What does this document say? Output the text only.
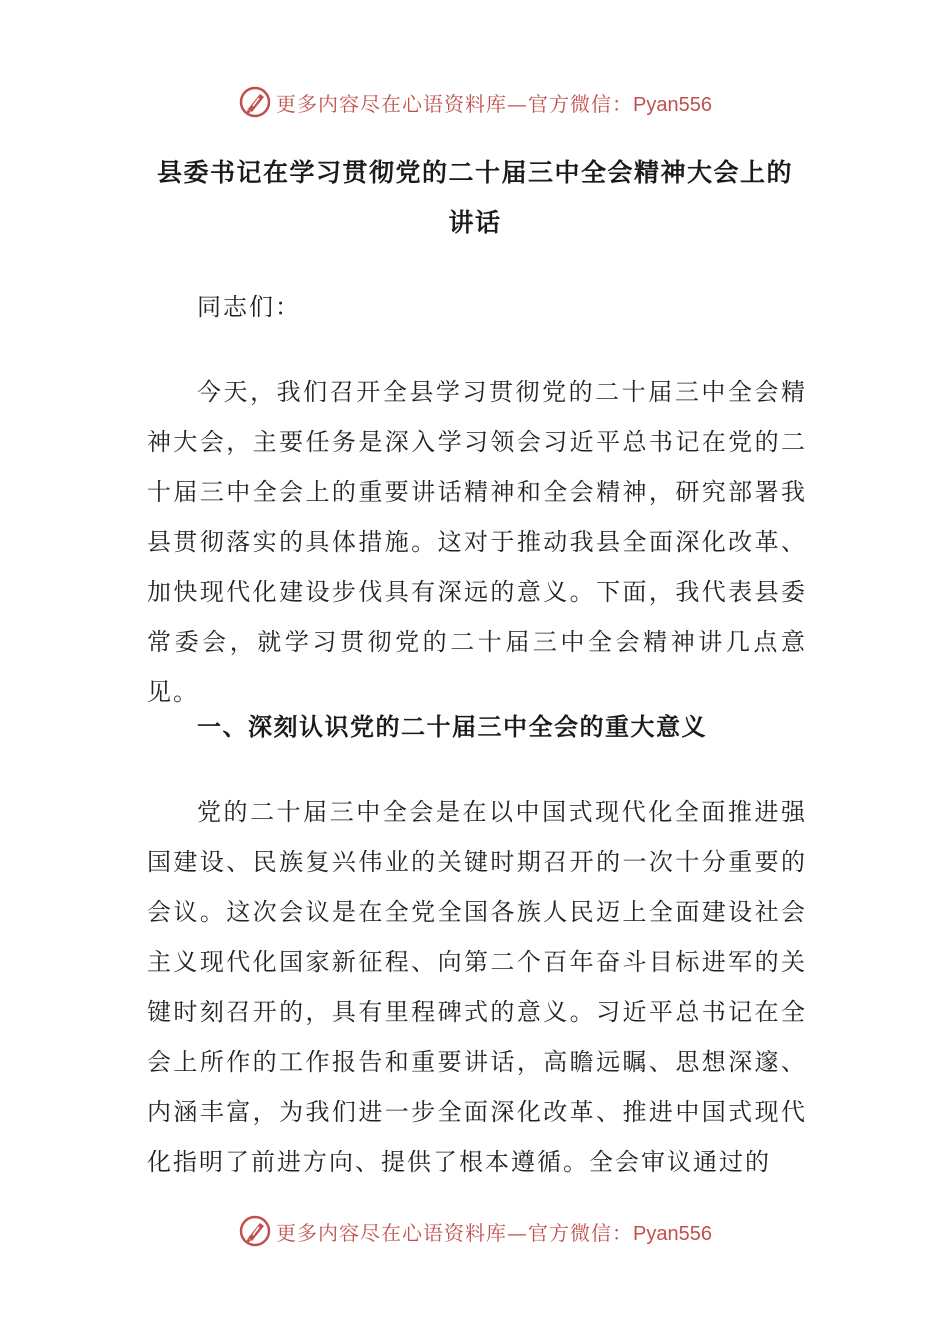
更多内容尽在心语资料库—官方微信：Pyan556
县委书记在学习贯彻党的二十届三中全会精神大会上的讲话
同志们：
今天，我们召开全县学习贯彻党的二十届三中全会精神大会，主要任务是深入学习领会习近平总书记在党的二十届三中全会上的重要讲话精神和全会精神，研究部署我县贯彻落实的具体措施。这对于推动我县全面深化改革、加快现代化建设步伐具有深远的意义。下面，我代表县委常委会，就学习贯彻党的二十届三中全会精神讲几点意见。
一、深刻认识党的二十届三中全会的重大意义
党的二十届三中全会是在以中国式现代化全面推进强国建设、民族复兴伟业的关键时期召开的一次十分重要的会议。这次会议是在全党全国各族人民迈上全面建设社会主义现代化国家新征程、向第二个百年奋斗目标进军的关键时刻召开的，具有里程碑式的意义。习近平总书记在全会上所作的工作报告和重要讲话，高瞻远瞩、思想深邃、内涵丰富，为我们进一步全面深化改革、推进中国式现代化指明了前进方向、提供了根本遵循。全会审议通过的
更多内容尽在心语资料库—官方微信：Pyan556
